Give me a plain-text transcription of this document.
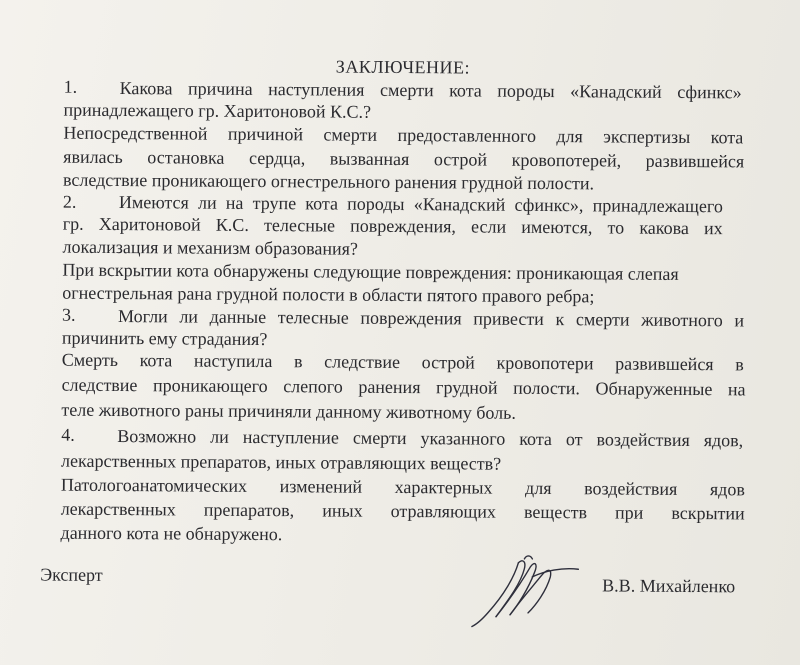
ЗАКЛЮЧЕНИЕ:
1. Какова причина наступления смерти кота породы «Канадский сфинкс»
принадлежащего гр. Харитоновой К.С.?
Непосредственной причиной смерти предоставленного для экспертизы кота
явилась остановка сердца, вызванная острой кровопотерей, развившейся
вследствие проникающего огнестрельного ранения грудной полости.
2. Имеются ли на трупе кота породы «Канадский сфинкс», принадлежащего
гр. Харитоновой К.С. телесные повреждения, если имеются, то какова их
локализация и механизм образования?
При вскрытии кота обнаружены следующие повреждения: проникающая слепая
огнестрельная рана грудной полости в области пятого правого ребра;
3. Могли ли данные телесные повреждения привести к смерти животного и
причинить ему страдания?
Смерть кота наступила в следствие острой кровопотери развившейся в
следствие проникающего слепого ранения грудной полости. Обнаруженные на
теле животного раны причиняли данному животному боль.
4. Возможно ли наступление смерти указанного кота от воздействия ядов,
лекарственных препаратов, иных отравляющих веществ?
Патологоанатомических изменений характерных для воздействия ядов
лекарственных препаратов, иных отравляющих веществ при вскрытии
данного кота не обнаружено.
Эксперт
В.В. Михайленко
